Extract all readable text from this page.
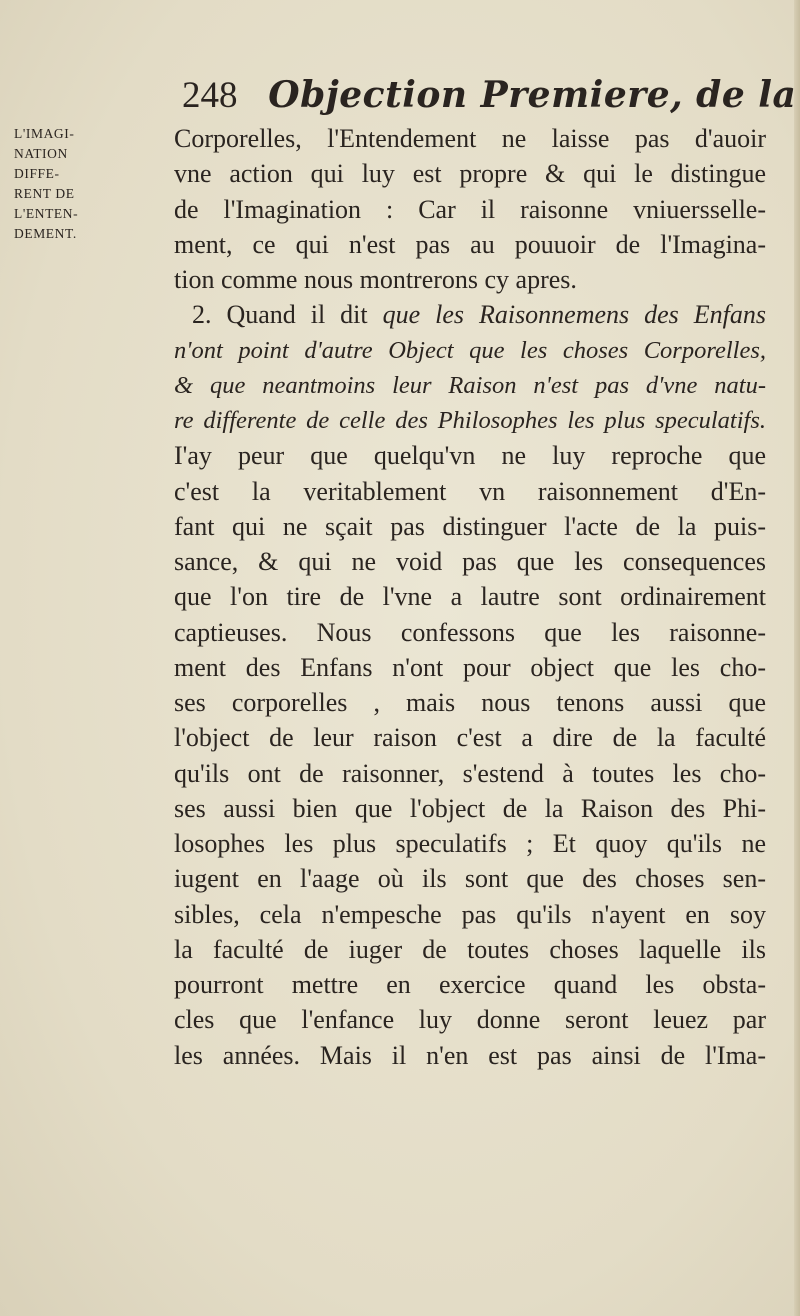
248 Objection Premiere, de la
L'IMAGI-
NATION
DIFFE-
RENT DE
L'ENTEN-
DEMENT.
Corporelles, l'Entendement ne laisse pas d'auoir
vne action qui luy est propre & qui le distingue
de l'Imagination : Car il raisonne vniuersselle-
ment, ce qui n'est pas au pouuoir de l'Imagina-
tion comme nous montrerons cy apres.
2. Quand il dit que les Raisonnemens des Enfans
n'ont point d'autre Object que les choses Corporelles,
& que neantmoins leur Raison n'est pas d'vne natu-
re differente de celle des Philosophes les plus speculatifs.
I'ay peur que quelqu'vn ne luy reproche que
c'est la veritablement vn raisonnement d'En-
fant qui ne sçait pas distinguer l'acte de la puis-
sance, & qui ne void pas que les consequences
que l'on tire de l'vne a lautre sont ordinairement
captieuses. Nous confessons que les raisonne-
ment des Enfans n'ont pour object que les cho-
ses corporelles , mais nous tenons aussi que
l'object de leur raison c'est a dire de la faculté
qu'ils ont de raisonner, s'estend à toutes les cho-
ses aussi bien que l'object de la Raison des Phi-
losophes les plus speculatifs ; Et quoy qu'ils ne
iugent en l'aage où ils sont que des choses sen-
sibles, cela n'empesche pas qu'ils n'ayent en soy
la faculté de iuger de toutes choses laquelle ils
pourront mettre en exercice quand les obsta-
cles que l'enfance luy donne seront leuez par
les années. Mais il n'en est pas ainsi de l'Ima-
